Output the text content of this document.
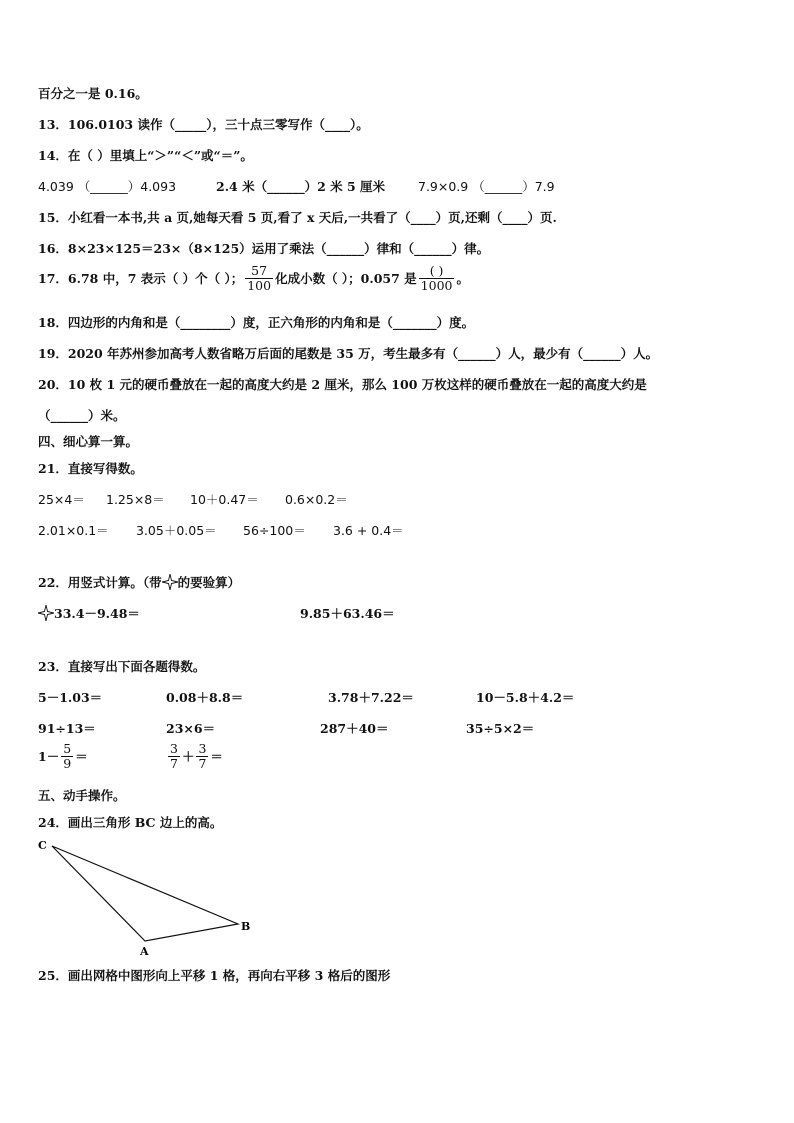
百分之一是 0.16。
13．106.0103 读作（_____），三十点三零写作（____）。
14．在（ ）里填上“＞”“＜”或“＝”。
4.039 （______）4.093	2.4 米（______）2 米 5 厘米	7.9×0.9 （______）7.9
15．小红看一本书,共 a 页,她每天看 5 页,看了 x 天后,一共看了（____）页,还剩（____）页.
16．8×23×125＝23×（8×125）运用了乘法（______）律和（______）律。
17．6.78 中，7 表示（ ）个（ ）； $\frac{57}{100}$ 化成小数（ ）；0.057 是 $\frac{( )}{1000}$ 。
18．四边形的内角和是（________）度，正六角形的内角和是（_______）度。
19．2020 年苏州参加高考人数省略万后面的尾数是 35 万，考生最多有（______）人，最少有（______）人。
20．10 枚 1 元的硬币叠放在一起的高度大约是 2 厘米，那么 100 万枚这样的硬币叠放在一起的高度大约是
（______）米。
四、细心算一算。
21．直接写得数。
25×4＝ 1.25×8＝ 10＋0.47＝ 0.6×0.2＝
2.01×0.1＝ 3.05＋0.05＝ 56÷100＝ 3.6 + 0.4＝
22．用竖式计算。（带 的要验算）
33.4－9.48＝	9.85＋63.46＝
23．直接写出下面各题得数。
5－1.03＝	0.08＋8.8＝	3.78＋7.22＝	10－5.8＋4.2＝
91÷13＝	23×6＝	287＋40＝	35÷5×2＝
$1- \frac{5}{9}$ ＝	$\frac{3}{7} + \frac{3}{7}$ ＝
五、动手操作。
24．画出三角形 BC 边上的高。
C
A
B
25．画出网格中图形向上平移 1 格，再向右平移 3 格后的图形
